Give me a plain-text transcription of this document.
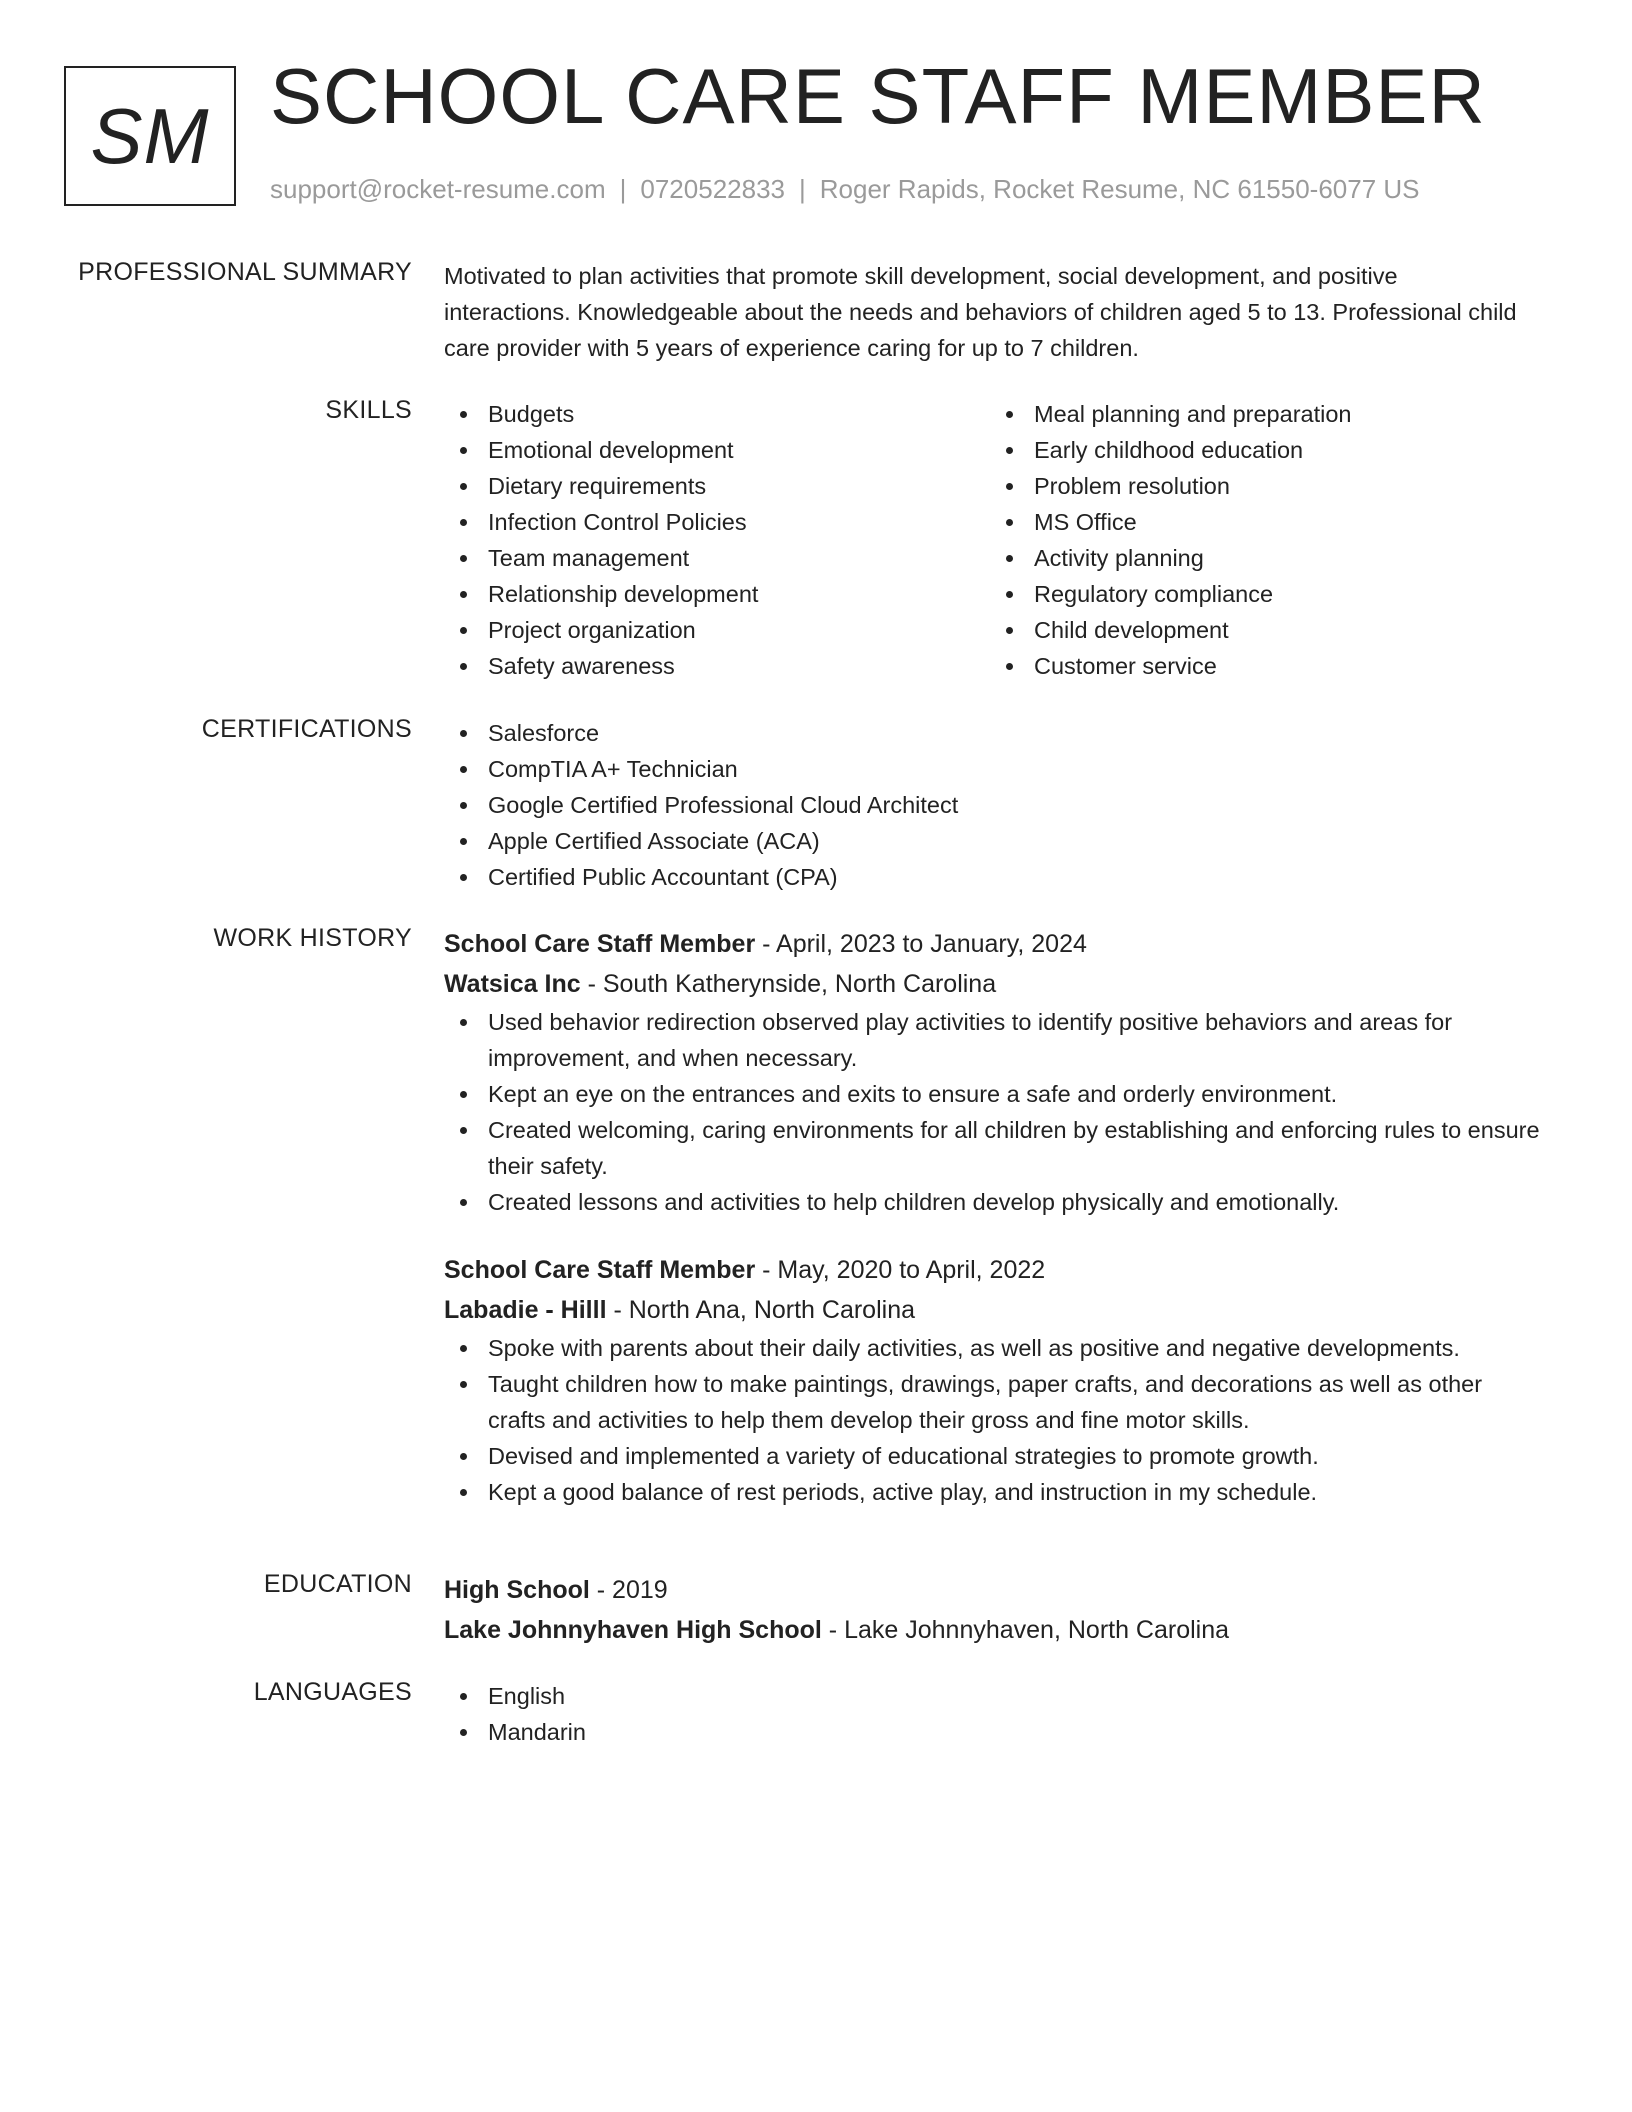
SM SCHOOL CARE STAFF MEMBER
support@rocket-resume.com | 0720522833 | Roger Rapids, Rocket Resume, NC 61550-6077 US
PROFESSIONAL SUMMARY Motivated to plan activities that promote skill development, social development, and positive interactions. Knowledgeable about the needs and behaviors of children aged 5 to 13. Professional child care provider with 5 years of experience caring for up to 7 children.

SKILLS	Budgets
Emotional development
Dietary requirements
Infection Control Policies
Team management
Relationship development
Project organization
Safety awareness
Meal planning and preparation
Early childhood education
Problem resolution
MS Office
Activity planning
Regulatory compliance
Child development
Customer service
CERTIFICATIONS	Salesforce
CompTIA A+ Technician
Google Certified Professional Cloud Architect
Apple Certified Associate (ACA)
Certified Public Accountant (CPA)
WORK HISTORY School Care Staff Member - April, 2023 to January, 2024
Watsica Inc - South Katherynside, North Carolina
Used behavior redirection observed play activities to identify positive behaviors and areas for improvement, and when necessary.
Kept an eye on the entrances and exits to ensure a safe and orderly environment.
Created welcoming, caring environments for all children by establishing and enforcing rules to ensure their safety.
Created lessons and activities to help children develop physically and emotionally.
School Care Staff Member - May, 2020 to April, 2022
Labadie - Hilll - North Ana, North Carolina
Spoke with parents about their daily activities, as well as positive and negative developments.
Taught children how to make paintings, drawings, paper crafts, and decorations as well as other crafts and activities to help them develop their gross and fine motor skills.
Devised and implemented a variety of educational strategies to promote growth.
Kept a good balance of rest periods, active play, and instruction in my schedule.
EDUCATION High School - 2019
Lake Johnnyhaven High School - Lake Johnnyhaven, North Carolina
LANGUAGES	English
Mandarin
